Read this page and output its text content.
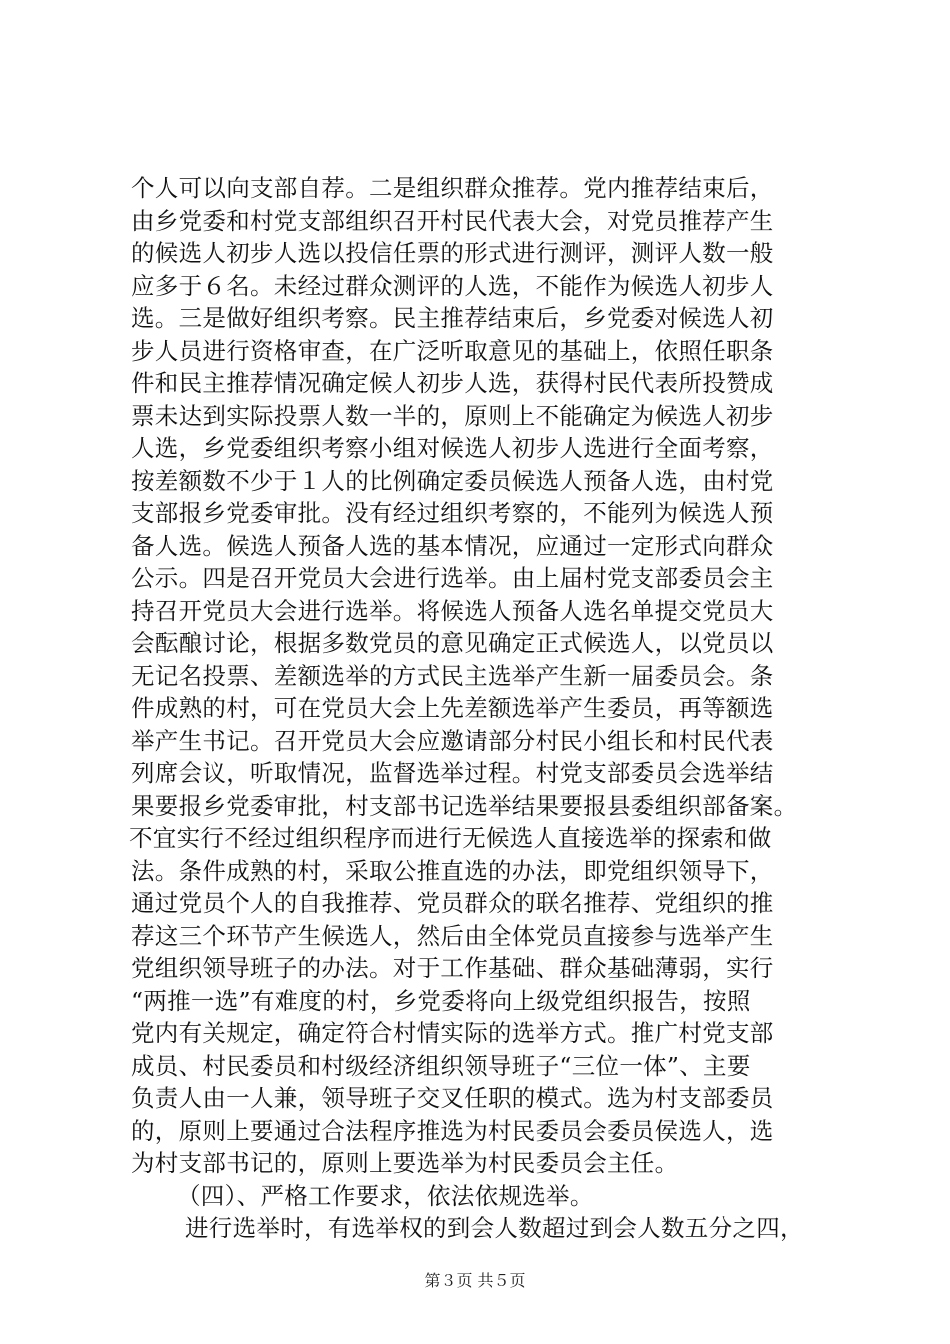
个人可以向支部自荐。二是组织群众推荐。党内推荐结束后，
由乡党委和村党支部组织召开村民代表大会，对党员推荐产生
的候选人初步人选以投信任票的形式进行测评，测评人数一般
应多于６名。未经过群众测评的人选，不能作为候选人初步人
选。三是做好组织考察。民主推荐结束后，乡党委对候选人初
步人员进行资格审查，在广泛听取意见的基础上，依照任职条
件和民主推荐情况确定候人初步人选，获得村民代表所投赞成
票未达到实际投票人数一半的，原则上不能确定为候选人初步
人选，乡党委组织考察小组对候选人初步人选进行全面考察，
按差额数不少于１人的比例确定委员候选人预备人选，由村党
支部报乡党委审批。没有经过组织考察的，不能列为候选人预
备人选。候选人预备人选的基本情况，应通过一定形式向群众
公示。四是召开党员大会进行选举。由上届村党支部委员会主
持召开党员大会进行选举。将候选人预备人选名单提交党员大
会酝酿讨论，根据多数党员的意见确定正式候选人，以党员以
无记名投票、差额选举的方式民主选举产生新一届委员会。条
件成熟的村，可在党员大会上先差额选举产生委员，再等额选
举产生书记。召开党员大会应邀请部分村民小组长和村民代表
列席会议，听取情况，监督选举过程。村党支部委员会选举结
果要报乡党委审批，村支部书记选举结果要报县委组织部备案。
不宜实行不经过组织程序而进行无候选人直接选举的探索和做
法。条件成熟的村，采取公推直选的办法，即党组织领导下，
通过党员个人的自我推荐、党员群众的联名推荐、党组织的推
荐这三个环节产生候选人，然后由全体党员直接参与选举产生
党组织领导班子的办法。对于工作基础、群众基础薄弱，实行
“两推一选”有难度的村，乡党委将向上级党组织报告，按照
党内有关规定，确定符合村情实际的选举方式。推广村党支部
成员、村民委员和村级经济组织领导班子“三位一体”、主要
负责人由一人兼，领导班子交叉任职的模式。选为村支部委员
的，原则上要通过合法程序推选为村民委员会委员侯选人，选
为村支部书记的，原则上要选举为村民委员会主任。
（四）、严格工作要求，依法依规选举。
进行选举时，有选举权的到会人数超过到会人数五分之四，
第３页 共５页
